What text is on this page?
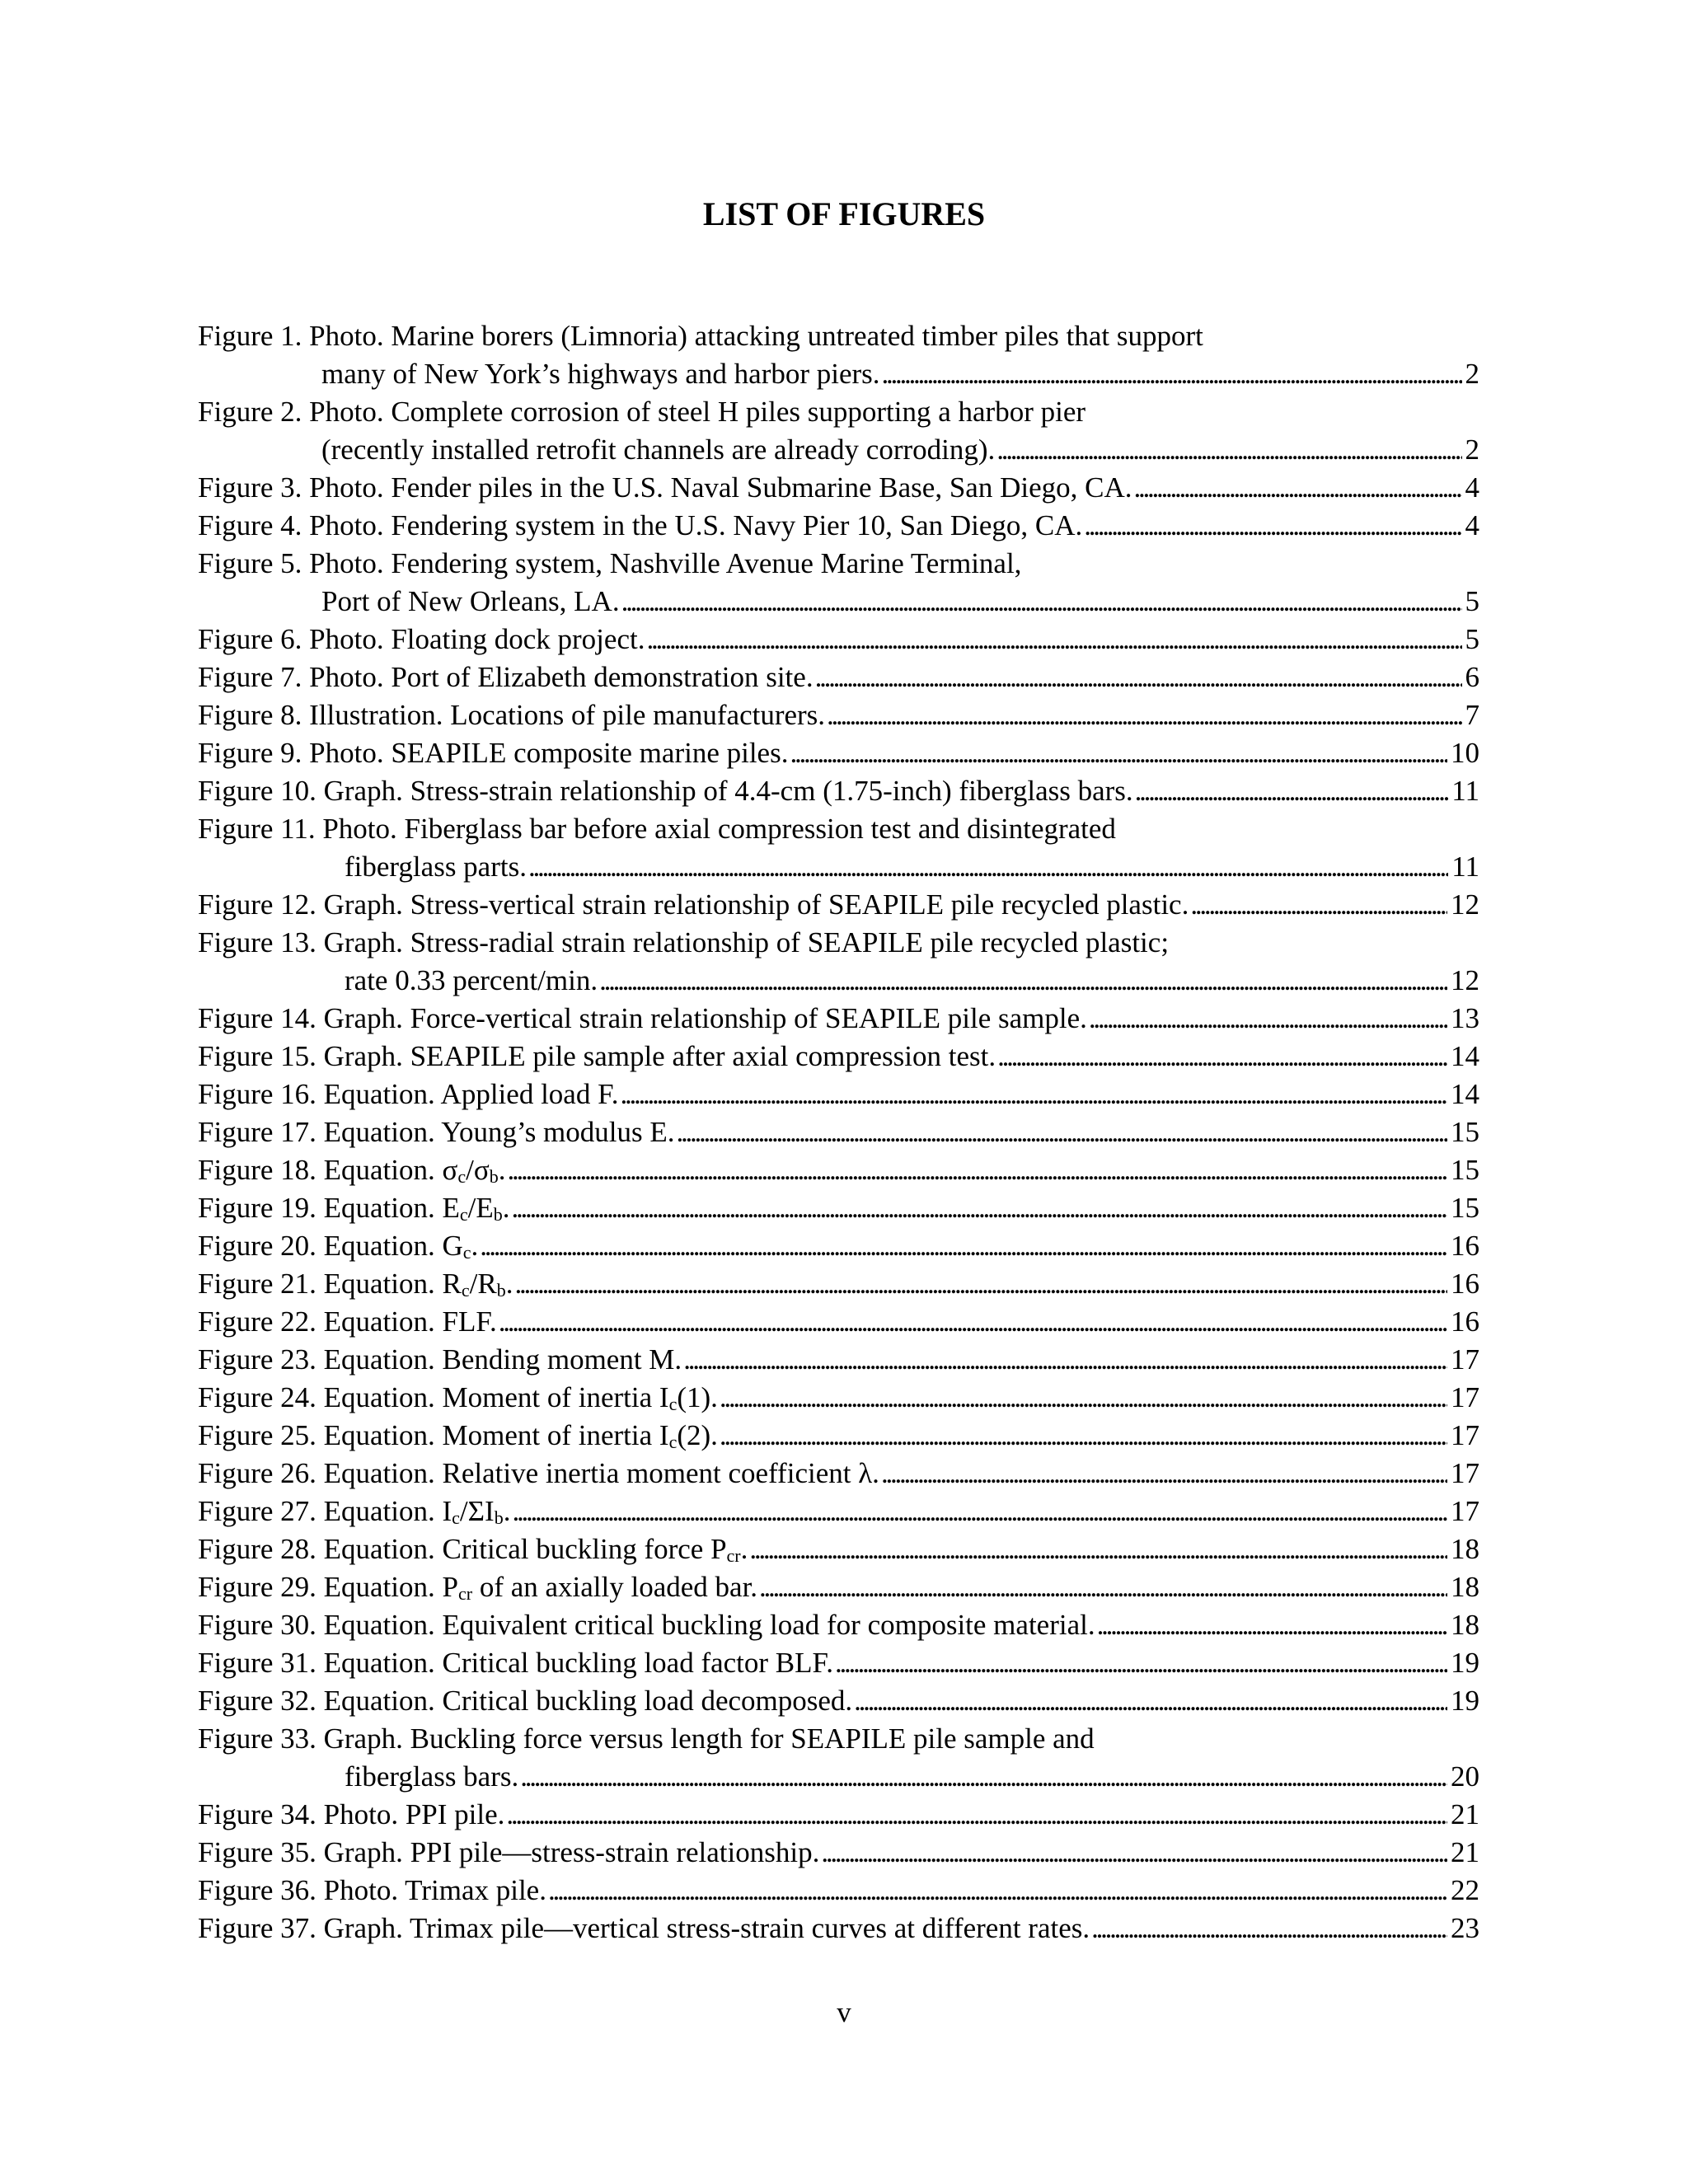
LIST OF FIGURES
Figure 1. Photo. Marine borers (Limnoria) attacking untreated timber piles that support
many of New York’s highways and harbor piers. . . .	2
Figure 2. Photo. Complete corrosion of steel H piles supporting a harbor pier
(recently installed retrofit channels are already corroding). . . .	2
Figure 3. Photo. Fender piles in the U.S. Naval Submarine Base, San Diego, CA. . . .	4
Figure 4. Photo. Fendering system in the U.S. Navy Pier 10, San Diego, CA. . . .	4
Figure 5. Photo. Fendering system, Nashville Avenue Marine Terminal,
Port of New Orleans, LA. . . .	5
Figure 6. Photo. Floating dock project. . . .	5
Figure 7. Photo. Port of Elizabeth demonstration site. . . .	6
Figure 8. Illustration. Locations of pile manufacturers. . . .	7
Figure 9. Photo. SEAPILE composite marine piles. . . .	10
Figure 10. Graph. Stress-strain relationship of 4.4-cm (1.75-inch) fiberglass bars. . . .	11
Figure 11. Photo. Fiberglass bar before axial compression test and disintegrated
fiberglass parts. . . .	11
Figure 12. Graph. Stress-vertical strain relationship of SEAPILE pile recycled plastic. . . .	12
Figure 13. Graph. Stress-radial strain relationship of SEAPILE pile recycled plastic;
rate 0.33 percent/min. . . .	12
Figure 14. Graph. Force-vertical strain relationship of SEAPILE pile sample. . . .	13
Figure 15. Graph. SEAPILE pile sample after axial compression test. . . .	14
Figure 16. Equation. Applied load F. . . .	14
Figure 17. Equation. Young’s modulus E. . . .	15
Figure 18. Equation. $\sigma_c/\sigma_b$. . . .	15
Figure 19. Equation. $E_c/E_b$. . . .	15
Figure 20. Equation. $G_c$. . . .	16
Figure 21. Equation. $R_c/R_b$. . . .	16
Figure 22. Equation. FLF. . . .	16
Figure 23. Equation. Bending moment M. . . .	17
Figure 24. Equation. Moment of inertia $I_c(1)$. . . .	17
Figure 25. Equation. Moment of inertia $I_c(2)$. . . .	17
Figure 26. Equation. Relative inertia moment coefficient λ. . . .	17
Figure 27. Equation. $I_c/\Sigma I_b$. . . .	17
Figure 28. Equation. Critical buckling force $P_{cr}$. . . .	18
Figure 29. Equation. $P_{cr}$ of an axially loaded bar. . . .	18
Figure 30. Equation. Equivalent critical buckling load for composite material. . . .	18
Figure 31. Equation. Critical buckling load factor BLF. . . .	19
Figure 32. Equation. Critical buckling load decomposed. . . .	19
Figure 33. Graph. Buckling force versus length for SEAPILE pile sample and
fiberglass bars. . . .	20
Figure 34. Photo. PPI pile. . . .	21
Figure 35. Graph. PPI pile—stress-strain relationship. . . .	21
Figure 36. Photo. Trimax pile. . . .	22
Figure 37. Graph. Trimax pile—vertical stress-strain curves at different rates. . . .	23
v
